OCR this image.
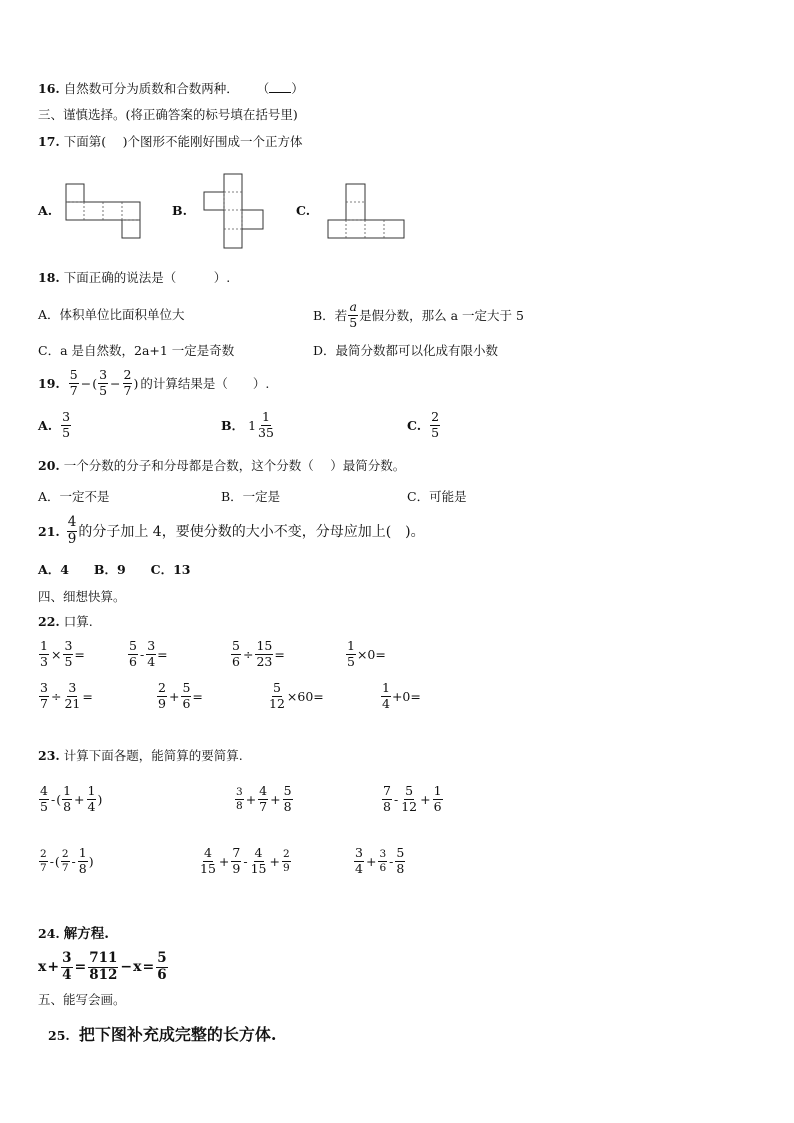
16. 自然数可分为质数和合数两种． （ ）
三、谨慎选择。(将正确答案的标号填在括号里)
17. 下面第(　 )个图形不能刚好围成一个正方体
A.	B.	C.
18. 下面正确的说法是（　　　）.
A．体积单位比面积单位大	B．若 $\frac{a}{5}$ 是假分数，那么 a 一定大于 5
C．a 是自然数，2a+1 一定是奇数	D．最简分数都可以化成有限小数
19. $\frac{5}{7}$ − ( $\frac{3}{5} - \frac{2}{7}$ ) 的计算结果是（　　）.
A. $\frac{3}{5}$	B． $1 \frac{1}{35}$	C. $\frac{2}{5}$
20. 一个分数的分子和分母都是合数，这个分数（　 ）最简分数。
A．一定不是	B．一定是	C．可能是
21. $\frac{4}{9}$ 的分子加上 4，要使分数的大小不变，分母应加上(　)。
A．4　　B．9　　C．13
四、细想快算。
22. 口算.
$\frac{1}{3} \times \frac{3}{5}$ =	$\frac{5}{6} - \frac{3}{4}$ =	$\frac{5}{6} \div \frac{15}{23}$ =	$\frac{1}{5} \times 0=$
$\frac{3}{7} \div \frac{3}{21}$ =	$\frac{2}{9} + \frac{5}{6}$ =	$\frac{5}{12} \times 60=$	$\frac{1}{4} +0=$
23. 计算下面各题，能简算的要简算.
$\frac{4}{5}$ - ( $\frac{1}{8} + \frac{1}{4}$ )	$\frac{3}{8} + \frac{4}{7} + \frac{5}{8}$	$\frac{7}{8} - \frac{5}{12} + \frac{1}{6}$
$\frac{2}{7}$ - ( $\frac{2}{7} - \frac{1}{8}$ )	$\frac{4}{15} + \frac{7}{9} - \frac{4}{15} + \frac{2}{9}$	$\frac{3}{4} + \frac{3}{6} - \frac{5}{8}$
24. 解方程.
$x + \frac{3}{4} = \frac{711}{812} - x = \frac{5}{6}$
五、能写会画。
25. 把下图补充成完整的长方体.
